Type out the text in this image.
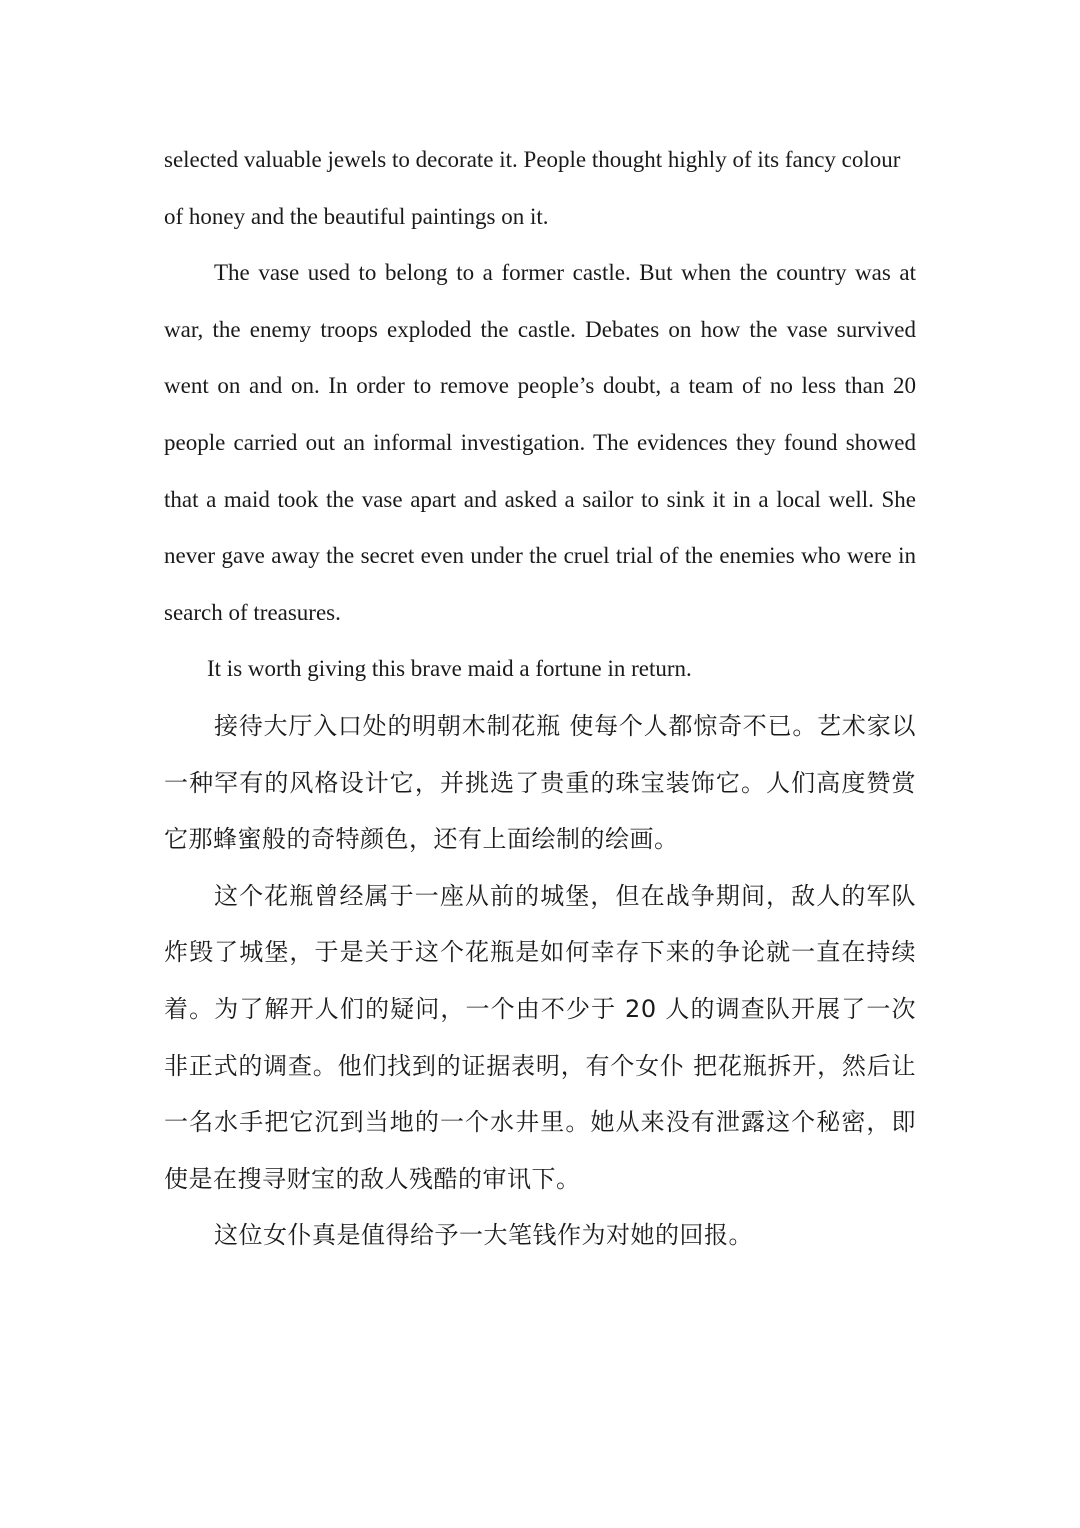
selected valuable jewels to decorate it. People thought highly of its fancy colour of honey and the beautiful paintings on it.

The vase used to belong to a former castle. But when the country was at war, the enemy troops exploded the castle. Debates on how the vase survived went on and on. In order to remove people’s doubt, a team of no less than 20 people carried out an informal investigation. The evidences they found showed that a maid took the vase apart and asked a sailor to sink it in a local well. She never gave away the secret even under the cruel trial of the enemies who were in search of treasures.

It is worth giving this brave maid a fortune in return.

接待大厅入口处的明朝木制花瓶 使每个人都惊奇不已。艺术家以一种罕有的风格设计它，并挑选了贵重的珠宝装饰它。人们高度赞赏它那蜂蜜般的奇特颜色，还有上面绘制的绘画。

这个花瓶曾经属于一座从前的城堡，但在战争期间，敌人的军队炸毁了城堡，于是关于这个花瓶是如何幸存下来的争论就一直在持续着。为了解开人们的疑问，一个由不少于 20 人的调查队开展了一次非正式的调查。他们找到的证据表明，有个女仆 把花瓶拆开，然后让一名水手把它沉到当地的一个水井里。她从来没有泄露这个秘密，即使是在搜寻财宝的敌人残酷的审讯下。

这位女仆真是值得给予一大笔钱作为对她的回报。
